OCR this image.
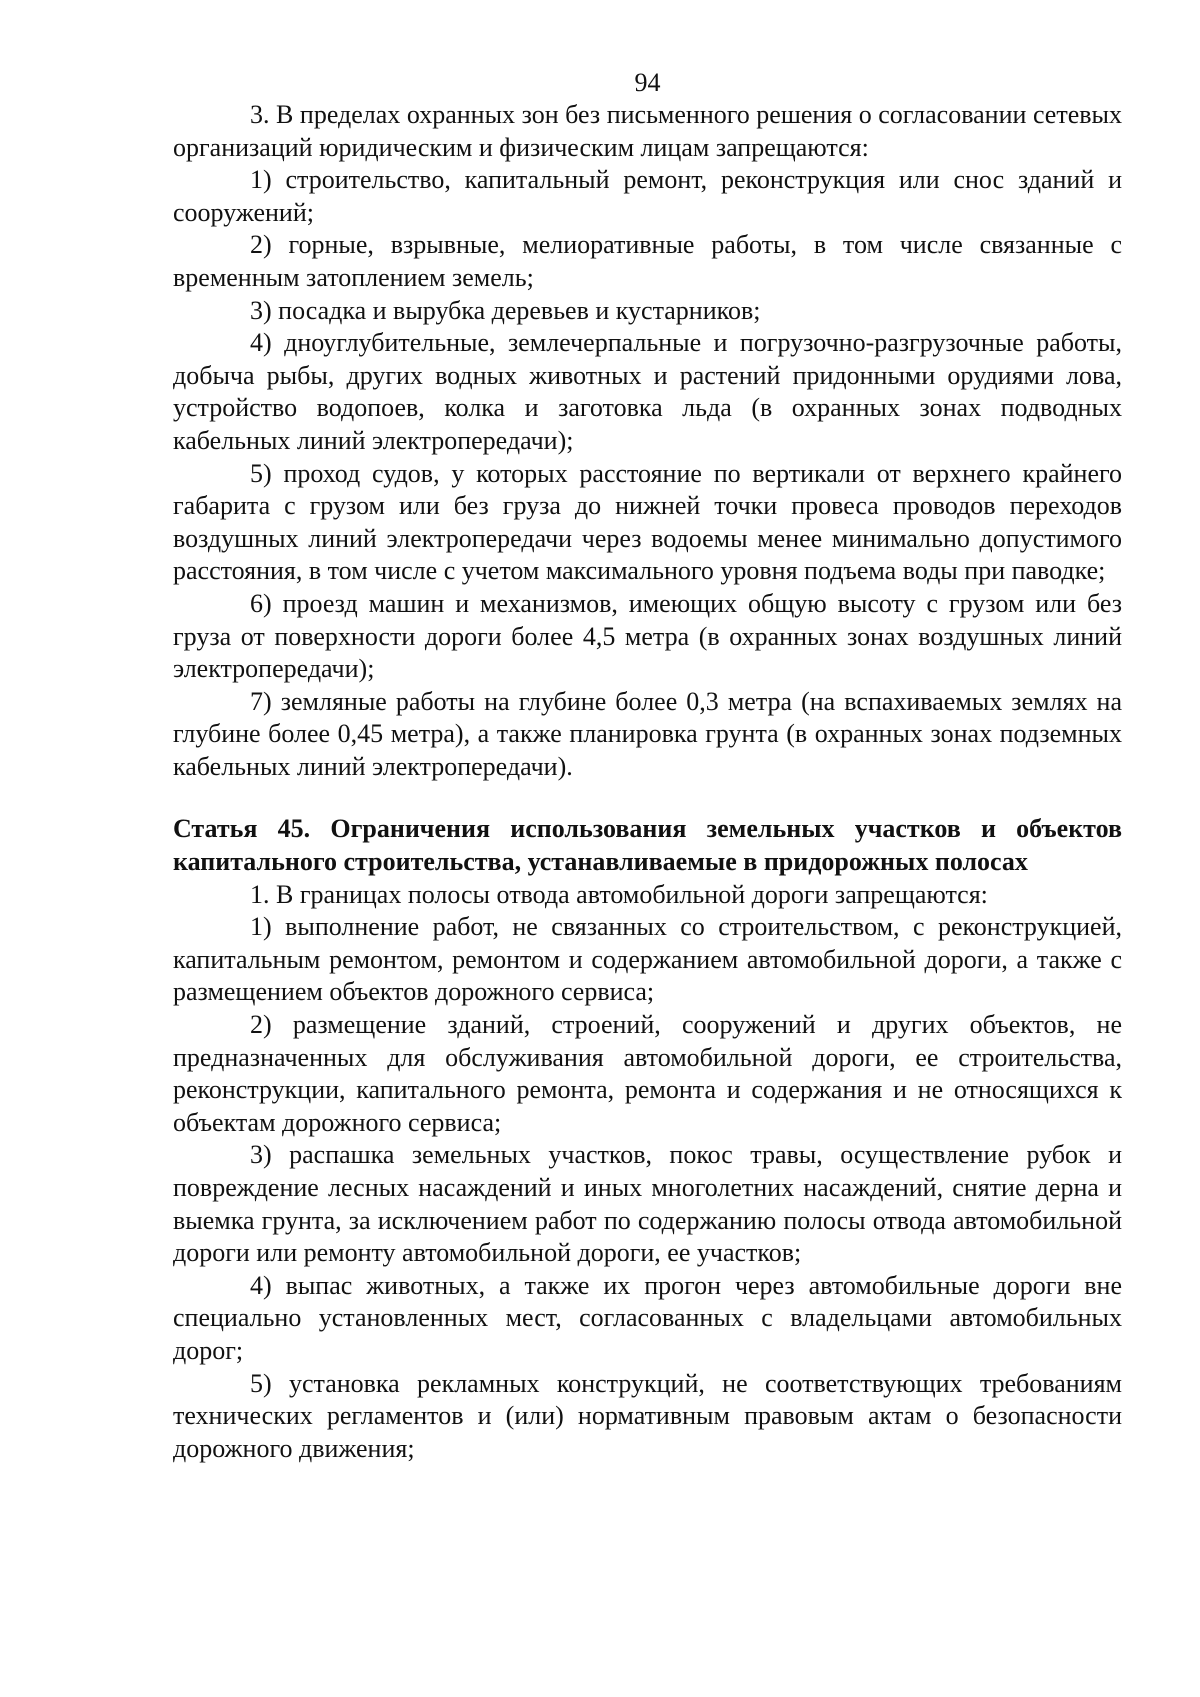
94

3. В пределах охранных зон без письменного решения о согласовании сетевых организаций юридическим и физическим лицам запрещаются:

1) строительство, капитальный ремонт, реконструкция или снос зданий и сооружений;

2) горные, взрывные, мелиоративные работы, в том числе связанные с временным затоплением земель;

3) посадка и вырубка деревьев и кустарников;

4) дноуглубительные, землечерпальные и погрузочно-разгрузочные работы, добыча рыбы, других водных животных и растений придонными орудиями лова, устройство водопоев, колка и заготовка льда (в охранных зонах подводных кабельных линий электропередачи);

5) проход судов, у которых расстояние по вертикали от верхнего крайнего габарита с грузом или без груза до нижней точки провеса проводов переходов воздушных линий электропередачи через водоемы менее минимально допустимого расстояния, в том числе с учетом максимального уровня подъема воды при паводке;

6) проезд машин и механизмов, имеющих общую высоту с грузом или без груза от поверхности дороги более 4,5 метра (в охранных зонах воздушных линий электропередачи);

7) земляные работы на глубине более 0,3 метра (на вспахиваемых землях на глубине более 0,45 метра), а также планировка грунта (в охранных зонах подземных кабельных линий электропередачи).

Статья 45. Ограничения использования земельных участков и объектов капитального строительства, устанавливаемые в придорожных полосах

1. В границах полосы отвода автомобильной дороги запрещаются:

1) выполнение работ, не связанных со строительством, с реконструкцией, капитальным ремонтом, ремонтом и содержанием автомобильной дороги, а также с размещением объектов дорожного сервиса;

2) размещение зданий, строений, сооружений и других объектов, не предназначенных для обслуживания автомобильной дороги, ее строительства, реконструкции, капитального ремонта, ремонта и содержания и не относящихся к объектам дорожного сервиса;

3) распашка земельных участков, покос травы, осуществление рубок и повреждение лесных насаждений и иных многолетних насаждений, снятие дерна и выемка грунта, за исключением работ по содержанию полосы отвода автомобильной дороги или ремонту автомобильной дороги, ее участков;

4) выпас животных, а также их прогон через автомобильные дороги вне специально установленных мест, согласованных с владельцами автомобильных дорог;

5) установка рекламных конструкций, не соответствующих требованиям технических регламентов и (или) нормативным правовым актам о безопасности дорожного движения;
